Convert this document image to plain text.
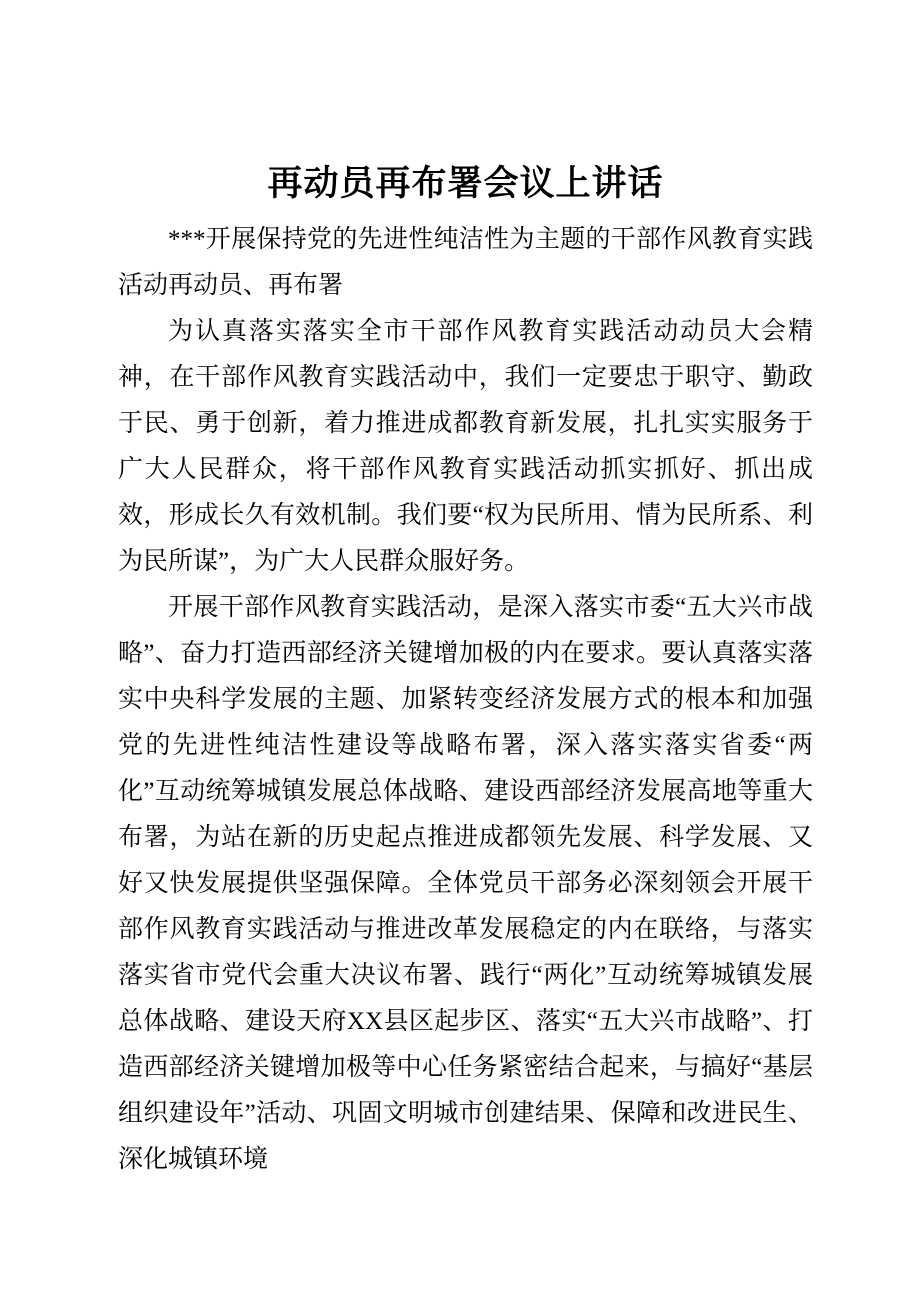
再动员再布署会议上讲话

***开展保持党的先进性纯洁性为主题的干部作风教育实践活动再动员、再布署

为认真落实落实全市干部作风教育实践活动动员大会精神，在干部作风教育实践活动中，我们一定要忠于职守、勤政于民、勇于创新，着力推进成都教育新发展，扎扎实实服务于广大人民群众，将干部作风教育实践活动抓实抓好、抓出成效，形成长久有效机制。我们要“权为民所用、情为民所系、利为民所谋”，为广大人民群众服好务。

开展干部作风教育实践活动，是深入落实市委“五大兴市战略”、奋力打造西部经济关键增加极的内在要求。要认真落实落实中央科学发展的主题、加紧转变经济发展方式的根本和加强党的先进性纯洁性建设等战略布署，深入落实落实省委“两化”互动统筹城镇发展总体战略、建设西部经济发展高地等重大布署，为站在新的历史起点推进成都领先发展、科学发展、又好又快发展提供坚强保障。全体党员干部务必深刻领会开展干部作风教育实践活动与推进改革发展稳定的内在联络，与落实落实省市党代会重大决议布署、践行“两化”互动统筹城镇发展总体战略、建设天府XX县区起步区、落实“五大兴市战略”、打造西部经济关键增加极等中心任务紧密结合起来，与搞好“基层组织建设年”活动、巩固文明城市创建结果、保障和改进民生、深化城镇环境
